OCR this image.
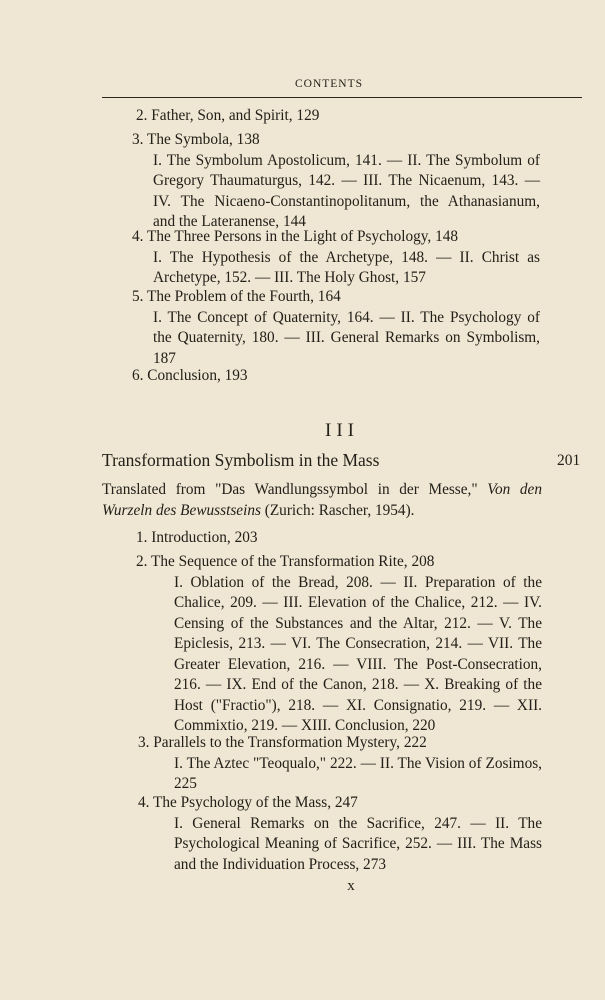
CONTENTS
2. Father, Son, and Spirit, 129
3. The Symbola, 138
I. The Symbolum Apostolicum, 141. — II. The Symbolum of Gregory Thaumaturgus, 142. — III. The Nicaenum, 143. — IV. The Nicaeno-Constantinopolitanum, the Athanasianum, and the Lateranense, 144
4. The Three Persons in the Light of Psychology, 148
I. The Hypothesis of the Archetype, 148. — II. Christ as Archetype, 152. — III. The Holy Ghost, 157
5. The Problem of the Fourth, 164
I. The Concept of Quaternity, 164. — II. The Psychology of the Quaternity, 180. — III. General Remarks on Symbolism, 187
6. Conclusion, 193
III
Transformation Symbolism in the Mass	201
Translated from "Das Wandlungssymbol in der Messe," Von den Wurzeln des Bewusstseins (Zurich: Rascher, 1954).
1. Introduction, 203
2. The Sequence of the Transformation Rite, 208
I. Oblation of the Bread, 208. — II. Preparation of the Chalice, 209. — III. Elevation of the Chalice, 212. — IV. Censing of the Substances and the Altar, 212. — V. The Epiclesis, 213. — VI. The Consecration, 214. — VII. The Greater Elevation, 216. — VIII. The Post-Consecration, 216. — IX. End of the Canon, 218. — X. Breaking of the Host ("Fractio"), 218. — XI. Consignatio, 219. — XII. Commixtio, 219. — XIII. Conclusion, 220
3. Parallels to the Transformation Mystery, 222
I. The Aztec "Teoqualo," 222. — II. The Vision of Zosimos, 225
4. The Psychology of the Mass, 247
I. General Remarks on the Sacrifice, 247. — II. The Psychological Meaning of Sacrifice, 252. — III. The Mass and the Individuation Process, 273
x
